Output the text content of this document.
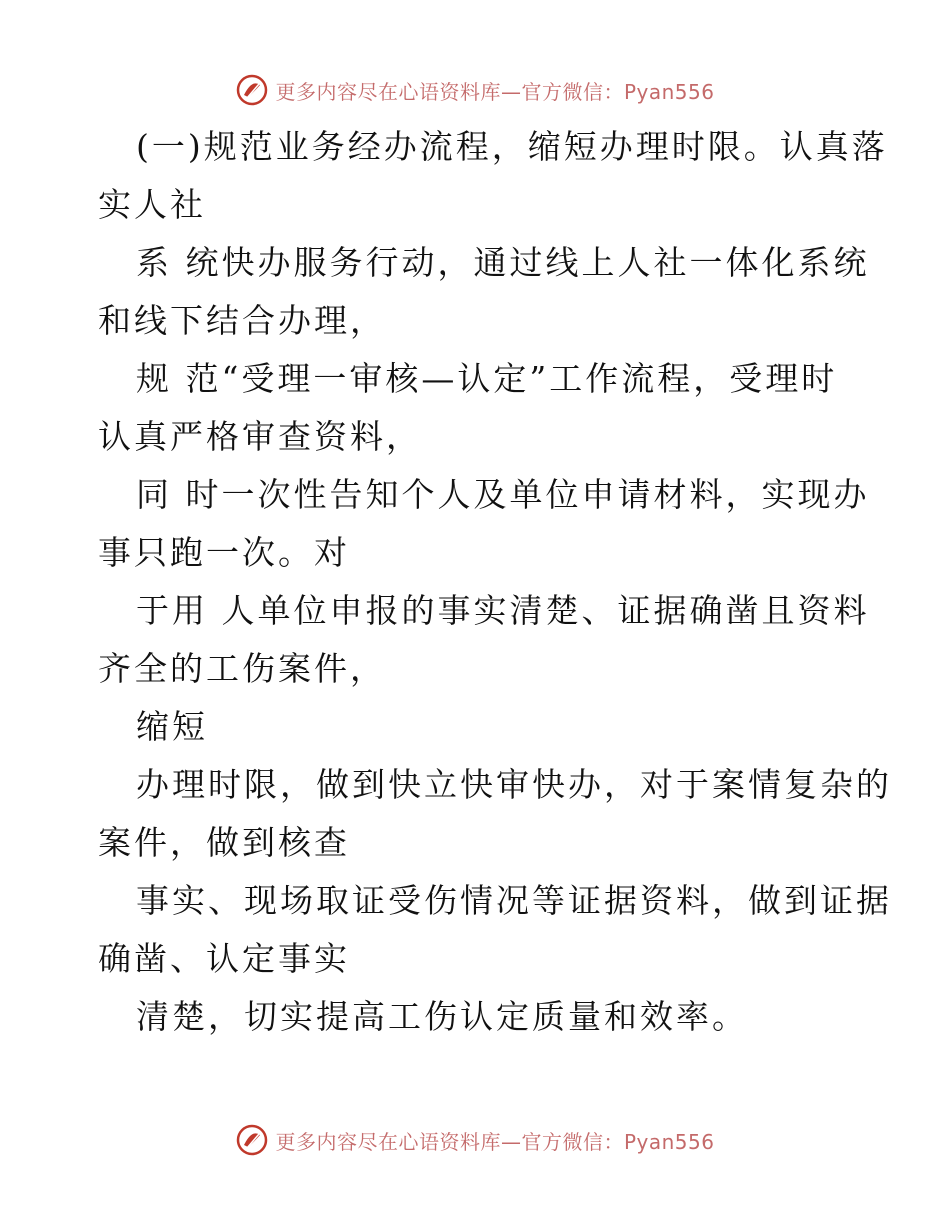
更多内容尽在心语资料库—官方微信：Pyan556

(一)规范业务经办流程，缩短办理时限。认真落
实人社

系 统快办服务行动，通过线上人社一体化系统
和线下结合办理，

规 范“受理一审核—认定”工作流程，受理时
认真严格审查资料，

同 时一次性告知个人及单位申请材料，实现办
事只跑一次。对

于用 人单位申报的事实清楚、证据确凿且资料
齐全的工伤案件，

缩短

办理时限，做到快立快审快办，对于案情复杂的
案件，做到核查

事实、现场取证受伤情况等证据资料，做到证据
确凿、认定事实

清楚，切实提高工伤认定质量和效率。

更多内容尽在心语资料库—官方微信：Pyan556
